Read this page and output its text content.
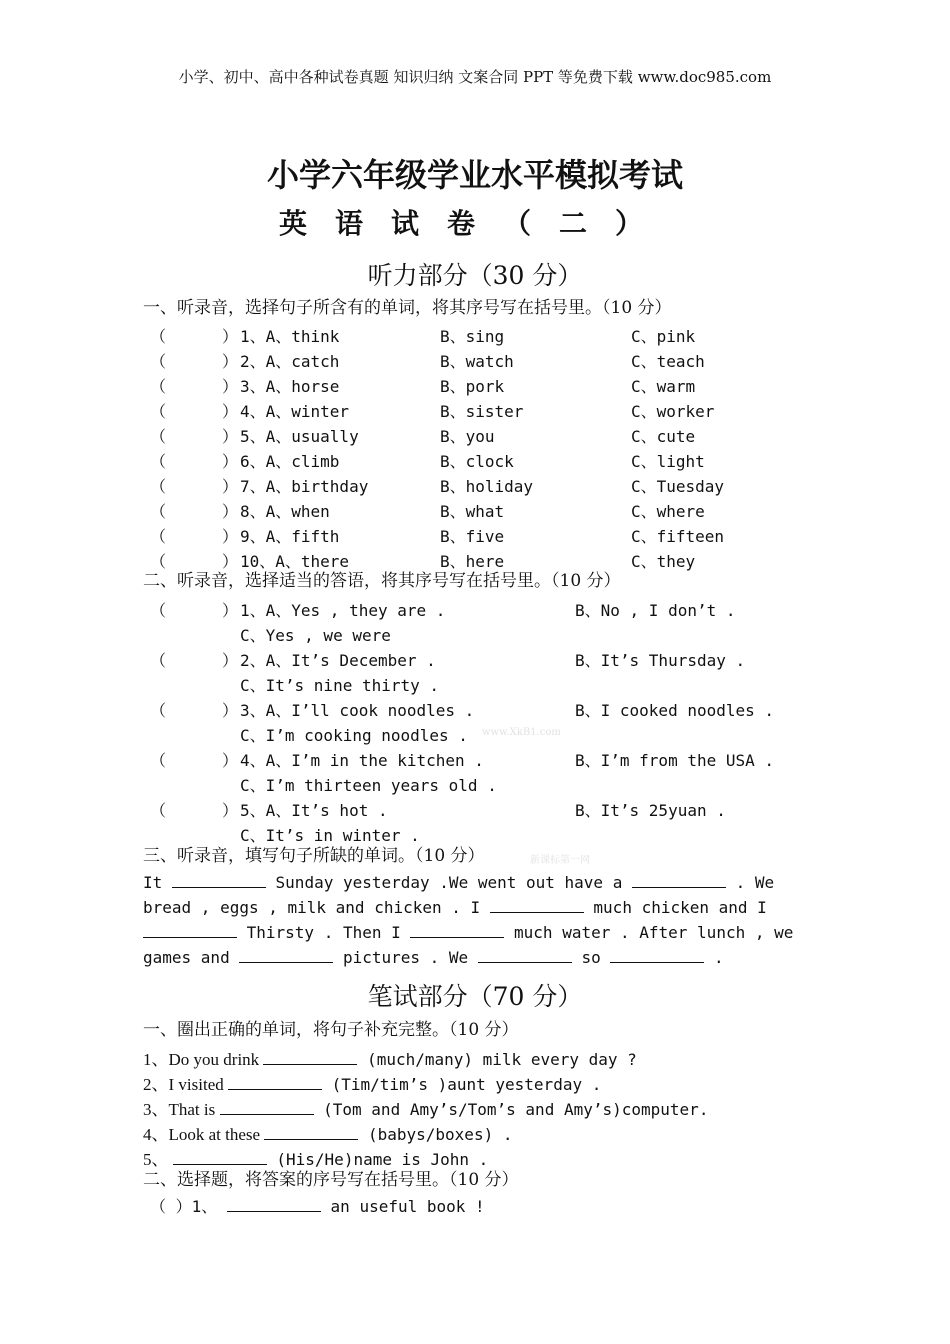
小学、初中、高中各种试卷真题 知识归纳 文案合同 PPT 等免费下载 www.doc985.com
小学六年级学业水平模拟考试
英语试卷（二）
听力部分（30 分）
一、听录音，选择句子所含有的单词，将其序号写在括号里。（10 分）
（	） 1、A、think	B、sing	C、pink
（	） 2、A、catch	B、watch	C、teach
（	） 3、A、horse	B、pork	C、warm
（	） 4、A、winter	B、sister	C、worker
（	） 5、A、usually	B、you	C、cute
（	） 6、A、climb	B、clock	C、light
（	） 7、A、birthday	B、holiday	C、Tuesday
（	） 8、A、when	B、what	C、where
（	） 9、A、fifth	B、five	C、fifteen
（	） 10、A、there	B、here	C、they
二、听录音，选择适当的答语，将其序号写在括号里。（10 分）
（	） 1、A、Yes , they are .	B、No , I don’t .
C、Yes , we were
（	） 2、A、It’s December .	B、It’s Thursday .
C、It’s nine thirty .
（	） 3、A、I’ll cook noodles .	B、I cooked noodles .
C、I’m cooking noodles .
（	） 4、A、I’m in the kitchen .	B、I’m from the USA .
C、I’m thirteen years old .
（	） 5、A、It’s hot .	B、It’s 25yuan .
C、It’s in winter .
www.XkB1.com
新课标第一网
三、听录音，填写句子所缺的单词。（10 分）
It	Sunday yesterday .We went out have a	. We
bread , eggs , milk and chicken . I	much chicken and I
Thirsty . Then I	much water . After lunch , we
games and	pictures . We	so	.
笔试部分（70 分）
一、圈出正确的单词，将句子补充完整。（10 分）
1、Do you drink	(much/many) milk every day ?
2、I visited	(Tim/tim’s )aunt yesterday .
3、That is	(Tom and Amy’s/Tom’s and Amy’s)computer.
4、Look at these	(babys/boxes) .
5、	(His/He)name is John .
二、选择题，将答案的序号写在括号里。（10 分）
（ ）1、	an useful book !
